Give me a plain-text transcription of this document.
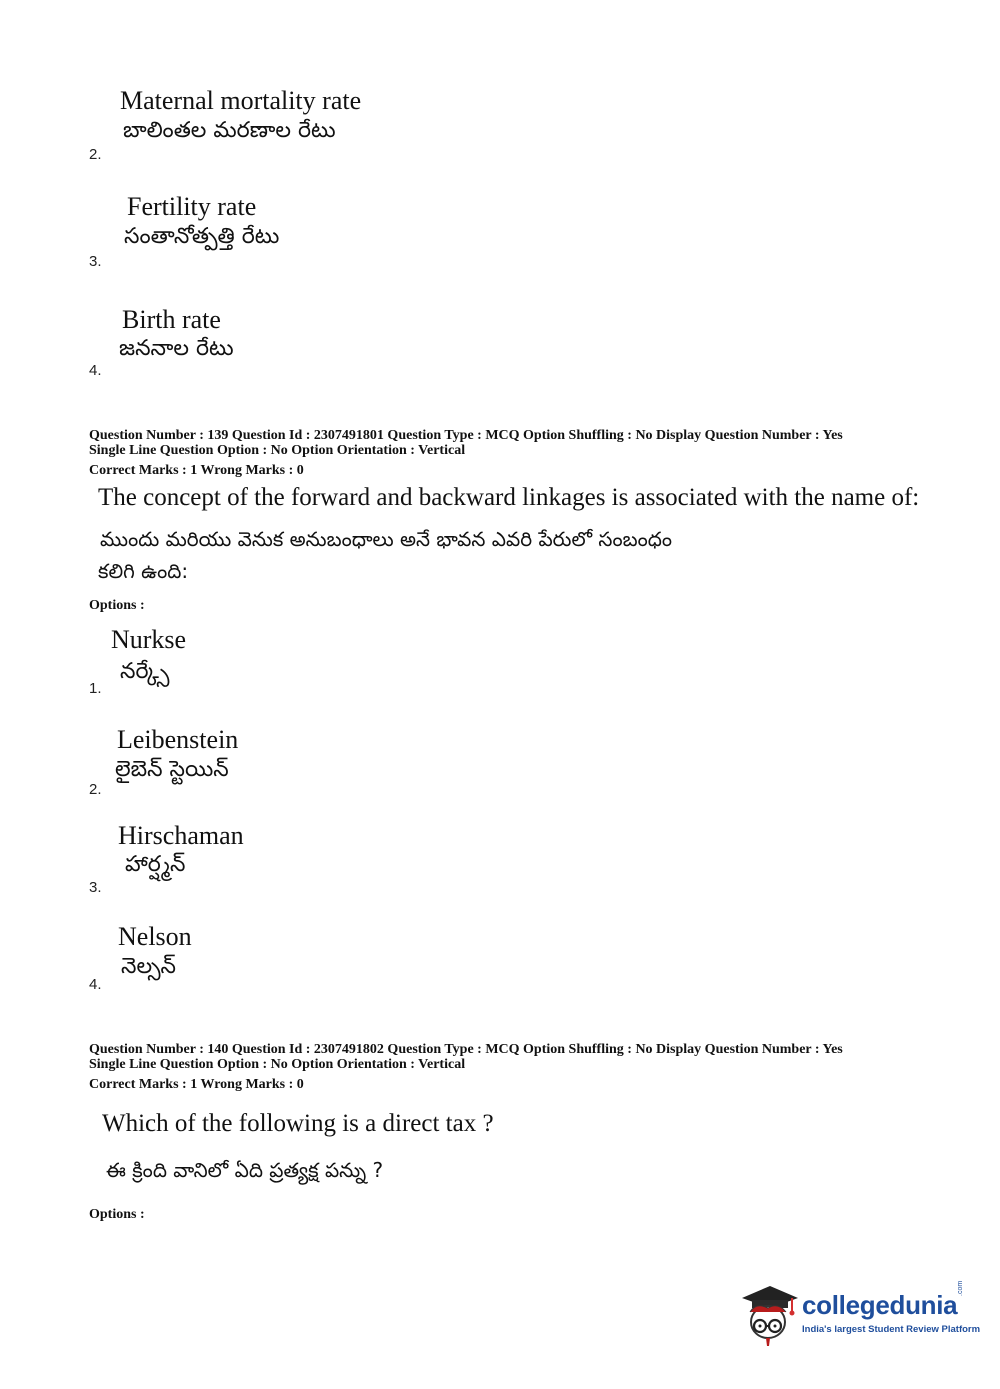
Maternal mortality rate
బాలింతల మరణాల రేటు
2.
Fertility rate
సంతానోత్పత్తి రేటు
3.
Birth rate
జననాల రేటు
4.
Question Number : 139 Question Id : 2307491801 Question Type : MCQ Option Shuffling : No Display Question Number : Yes
Single Line Question Option : No Option Orientation : Vertical
Correct Marks : 1 Wrong Marks : 0
The concept of the forward and backward linkages is associated with the name of:
ముందు మరియు వెనుక అనుబంధాలు అనే భావన ఎవరి పేరులో సంబంధం
కలిగి ఉంది:
Options :
Nurkse
నర్క్సే
1.
Leibenstein
లైబెన్ స్టెయిన్
2.
Hirschaman
హార్ష్మన్
3.
Nelson
నెల్సన్
4.
Question Number : 140 Question Id : 2307491802 Question Type : MCQ Option Shuffling : No Display Question Number : Yes
Single Line Question Option : No Option Orientation : Vertical
Correct Marks : 1 Wrong Marks : 0
Which of the following is a direct tax ?
ఈ క్రింది వానిలో ఏది ప్రత్యక్ష పన్ను ?
Options :
collegedunia
.com
India's largest Student Review Platform
